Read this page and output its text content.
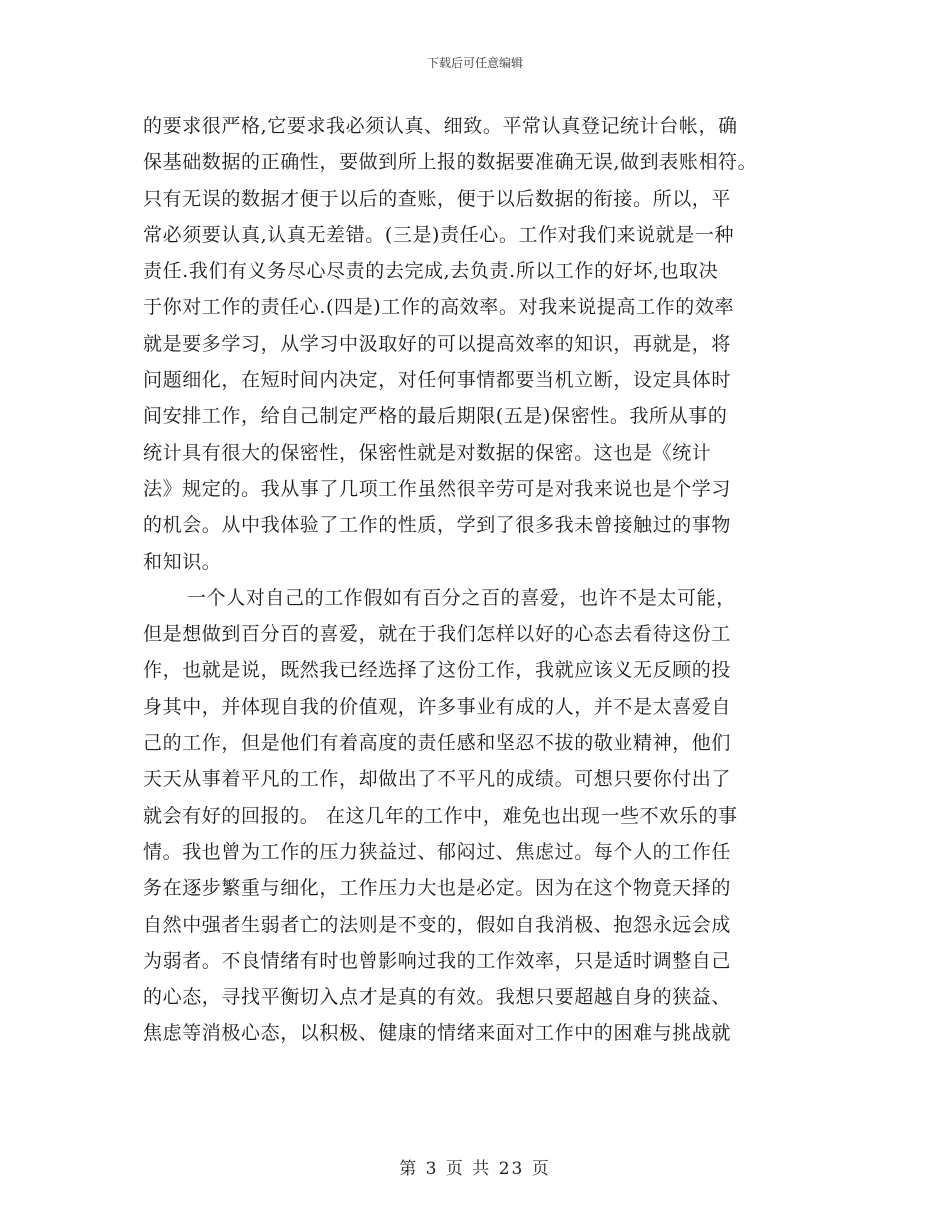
下载后可任意编辑
的要求很严格,它要求我必须认真、细致。平常认真登记统计台帐，确
保基础数据的正确性，要做到所上报的数据要准确无误,做到表账相符。
只有无误的数据才便于以后的查账，便于以后数据的衔接。所以，平
常必须要认真,认真无差错。(三是)责任心。工作对我们来说就是一种
责任.我们有义务尽心尽责的去完成,去负责.所以工作的好坏,也取决
于你对工作的责任心.(四是)工作的高效率。对我来说提高工作的效率
就是要多学习，从学习中汲取好的可以提高效率的知识，再就是，将
问题细化，在短时间内决定，对任何事情都要当机立断，设定具体时
间安排工作，给自己制定严格的最后期限(五是)保密性。我所从事的
统计具有很大的保密性，保密性就是对数据的保密。这也是《统计
法》规定的。我从事了几项工作虽然很辛劳可是对我来说也是个学习
的机会。从中我体验了工作的性质，学到了很多我未曾接触过的事物
和知识。
一个人对自己的工作假如有百分之百的喜爱，也许不是太可能，
但是想做到百分百的喜爱，就在于我们怎样以好的心态去看待这份工
作，也就是说，既然我已经选择了这份工作，我就应该义无反顾的投
身其中，并体现自我的价值观，许多事业有成的人，并不是太喜爱自
己的工作，但是他们有着高度的责任感和坚忍不拔的敬业精神，他们
天天从事着平凡的工作，却做出了不平凡的成绩。可想只要你付出了
就会有好的回报的。 在这几年的工作中，难免也出现一些不欢乐的事
情。我也曾为工作的压力狭益过、郁闷过、焦虑过。每个人的工作任
务在逐步繁重与细化，工作压力大也是必定。因为在这个物竟天择的
自然中强者生弱者亡的法则是不变的，假如自我消极、抱怨永远会成
为弱者。不良情绪有时也曾影响过我的工作效率，只是适时调整自己
的心态，寻找平衡切入点才是真的有效。我想只要超越自身的狭益、
焦虑等消极心态，以积极、健康的情绪来面对工作中的困难与挑战就
第 3 页 共 23 页
